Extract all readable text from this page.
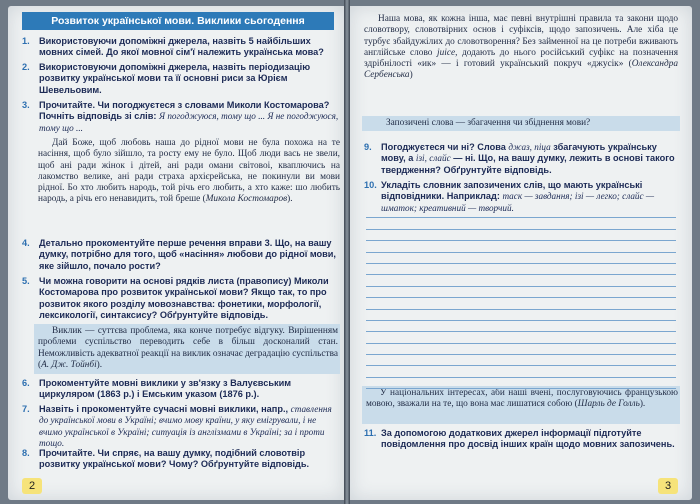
Розвиток української мови. Виклики сьогодення
1.	Використовуючи допоміжні джерела, назвіть 5 найбільших мовних сімей. До якої мовної сім'ї належить українська мова?
2.	Використовуючи допоміжні джерела, назвіть періодизацію розвитку української мови та її основні риси за Юрієм Шевельовим.
3.	Прочитайте. Чи погоджуєтеся з словами Миколи Костомарова? Почніть відповідь зі слів: Я погоджуюся, тому що ... Я не погоджуюся, тому що ...
Дай Боже, щоб любовь наша до рідної мови не була похожа на те насіння, щоб було зійшло, та росту ему не було. Щоб люди вась не звели, щоб ані ради жінок і дітей, ані ради омани світовоі, кваплючись на лакомство велике, ані ради страха архієрейська, не покинули ви мови рідної. Бо хто любить народь, той річь его любить, а хто каже: шо любить народь, а річь его ненавидить, той бреше (Микола Костомаров).
4.	Детально прокоментуйте перше речення вправи 3. Що, на вашу думку, потрібно для того, щоб «насіння» любови до рідної мови, яке зійшло, почало рости?
5.	Чи можна говорити на основі рядків листа (правопису) Миколи Костомарова про розвиток української мови? Якщо так, то про розвиток якого розділу мовознавства: фонетики, морфології, лексикології, синтаксису? Обґрунтуйте відповідь.
Виклик — суттєва проблема, яка конче потребує відгуку. Вирішенням проблеми суспільство переводить себе в більш досконалий стан. Неможливість адекватної реакції на виклик означає деградацію суспільства (А. Дж. Тойнбі).
6.	Прокоментуйте мовні виклики у зв'язку з Валуєвським циркуляром (1863 р.) і Емським указом (1876 р.).
7.	Назвіть і прокоментуйте сучасні мовні виклики, напр., ставлення до української мови в Україні; вчимо мову країни, у яку емігрували, і не вчимо української в Україні; ситуація із англізмами в Україні; за і проти тощо.
8.	Прочитайте. Чи спряє, на вашу думку, подібний словотвір розвитку української мови? Чому? Обґрунтуйте відповідь.
2
Наша мова, як кожна інша, має певні внутрішні правила та закони щодо словотвору, словотвірних основ і суфіксів, щодо запозичень. Але хіба це турбує збайдужілих до словотворення? Без займенної на це потреби вживають англійське слово juice, додають до нього російський суфікс на позначення здрібнілості «ик» — і готовий український покруч «джусік» (Олександра Сербенська)
Запозичені слова — збагачення чи збіднення мови?
9.	Погоджуєтеся чи ні? Слова джаз, піца збагачують українську мову, а ізі, слайс — ні. Що, на вашу думку, лежить в основі такого твердження? Обґрунтуйте відповідь.
10. Укладіть словник запозичених слів, що мають українські відповідники. Наприклад: таск — завдання; ізі — легко; слайс — шматок; креативний — творчий.
У національних інтересах, аби наші вчені, послуговуючись французькою мовою, зважали на те, що вона має лишатися собою (Шарль де Голль).
11. За допомогою додаткових джерел інформації підготуйте повідомлення про досвід інших країн щодо мовних запозичень.
3
